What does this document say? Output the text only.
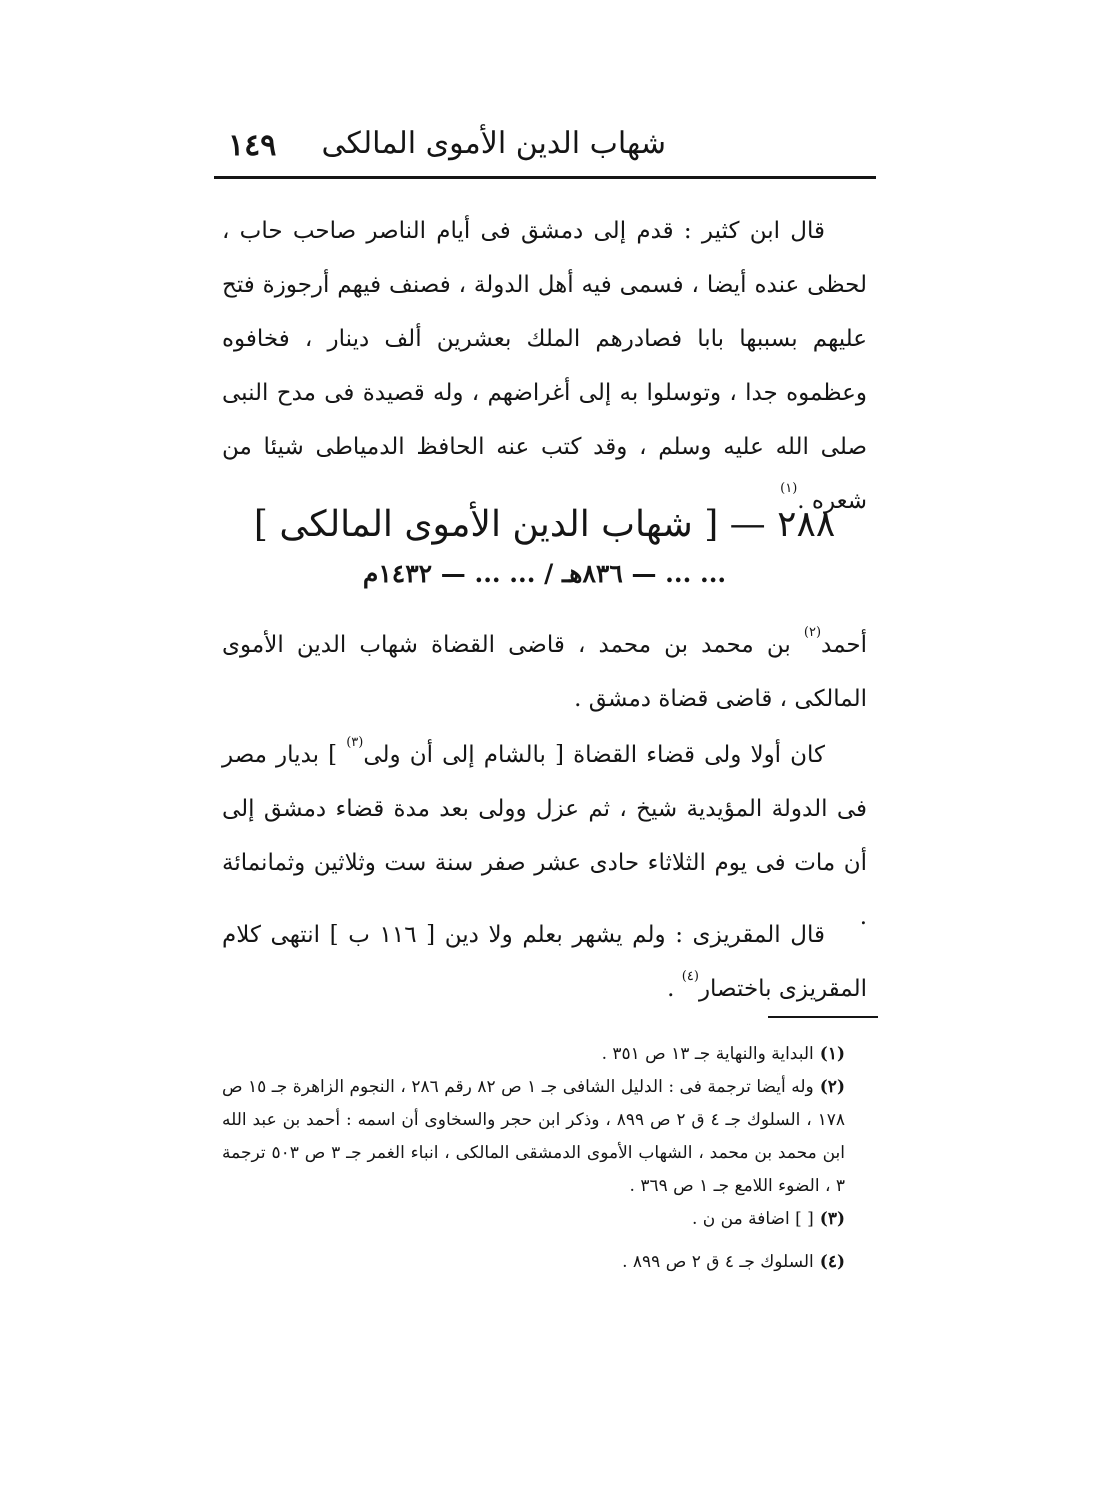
١٤٩ شهاب الدين الأموى المالكى
قال ابن كثير : قدم إلى دمشق فى أيام الناصر صاحب حاب ، لحظى عنده أيضا ، فسمى فيه أهل الدولة ، فصنف فيهم أرجوزة فتح عليهم بسببها بابا فصادرهم الملك بعشرين ألف دينار ، فخافوه وعظموه جدا ، وتوسلوا به إلى أغراضهم ، وله قصيدة فى مدح النبى صلى الله عليه وسلم ، وقد كتب عنه الحافظ الدمياطى شيئا من شعره .$^{(١)}$
٢٨٨ — [ شهاب الدين الأموى المالكى ]
... ... — ٨٣٦هـ / ... ... — ١٤٣٢م
أحمد$^{(٢)}$ بن محمد بن محمد ، قاضى القضاة شهاب الدين الأموى المالكى ، قاضى قضاة دمشق .
كان أولا ولى قضاء القضاة [ بالشام إلى أن ولى$^{(٣)}$ ] بديار مصر فى الدولة المؤيدية شيخ ، ثم عزل وولى بعد مدة قضاء دمشق إلى أن مات فى يوم الثلاثاء حادى عشر صفر سنة ست وثلاثين وثمانمائة .
قال المقريزى : ولم يشهر بعلم ولا دين [ ١١٦ ب ] انتهى كلام المقريزى باختصار$^{(٤)}$ .

(١)البداية والنهاية جـ ١٣ ص ٣٥١ .

(٢)وله أيضا ترجمة فى : الدليل الشافى جـ ١ ص ٨٢ رقم ٢٨٦ ، النجوم الزاهرة جـ ١٥ ص ١٧٨ ، السلوك جـ ٤ ق ٢ ص ٨٩٩ ، وذكر ابن حجر والسخاوى أن اسمه : أحمد بن عبد الله ابن محمد بن محمد ، الشهاب الأموى الدمشقى المالكى ، انباء الغمر جـ ٣ ص ٥٠٣ ترجمة ٣ ، الضوء اللامع جـ ١ ص ٣٦٩ .

(٣)[ ] اضافة من ن .

(٤)السلوك جـ ٤ ق ٢ ص ٨٩٩ .
